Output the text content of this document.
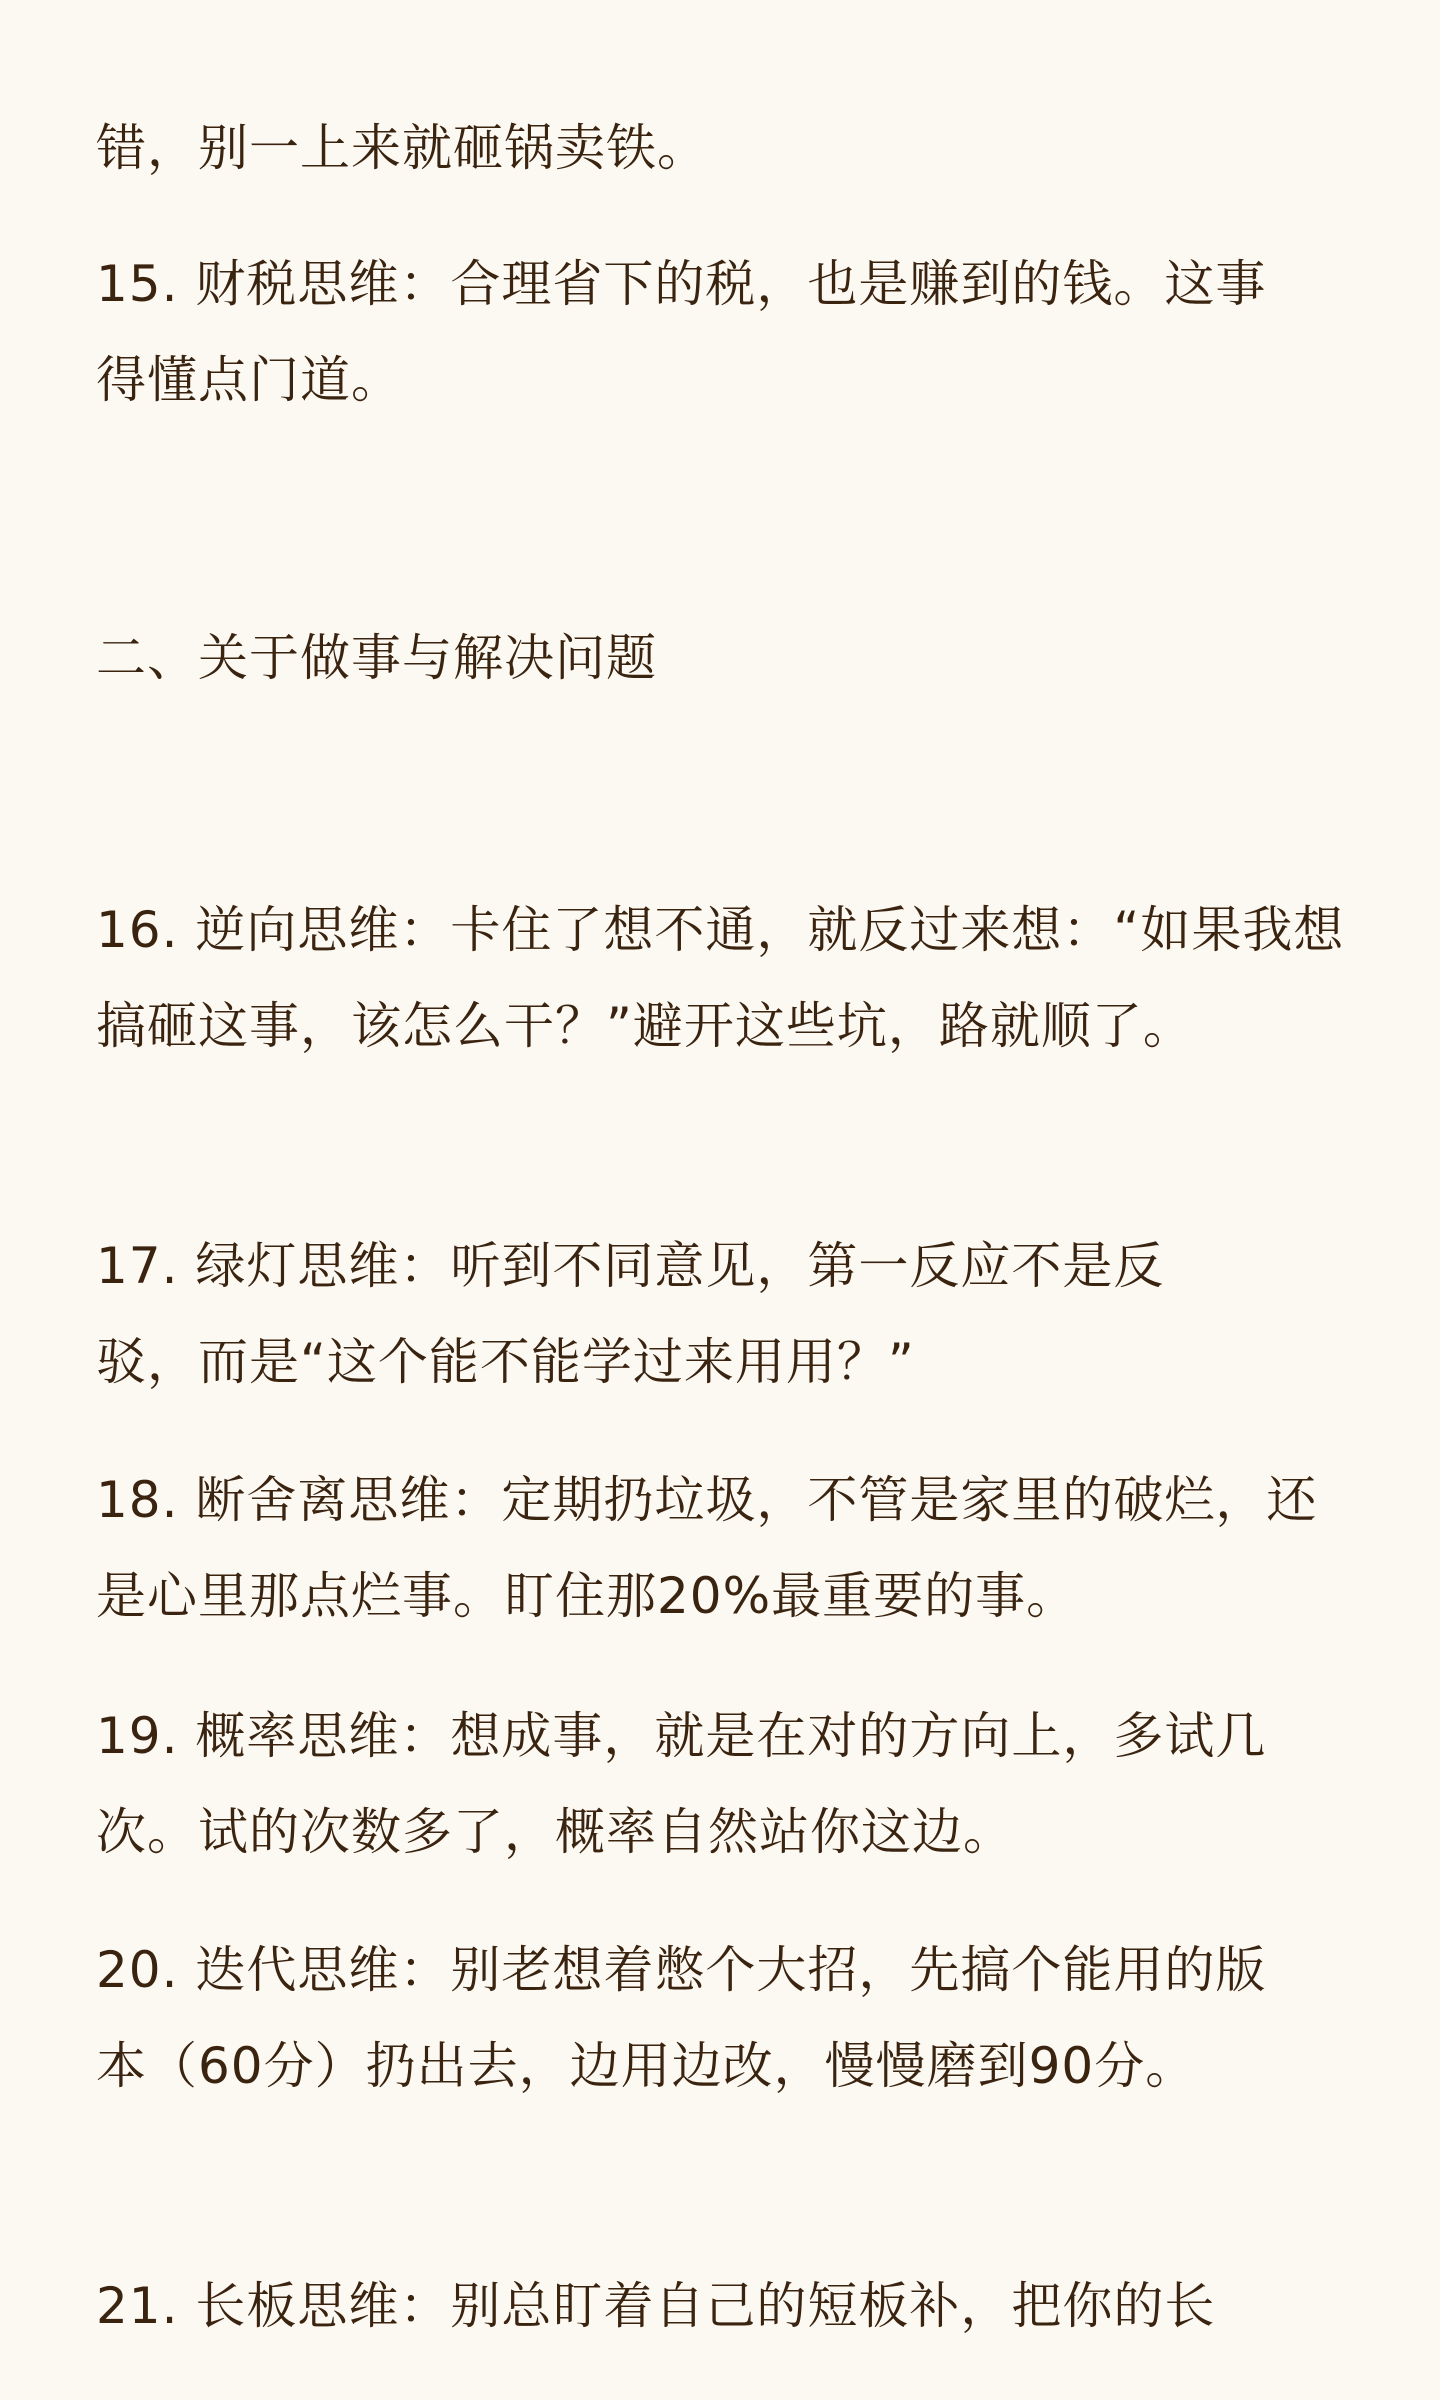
错，别一上来就砸锅卖铁。

15. 财税思维：合理省下的税，也是赚到的钱。这事得懂点门道。

二、关于做事与解决问题

16. 逆向思维：卡住了想不通，就反过来想：“如果我想搞砸这事，该怎么干？”避开这些坑，路就顺了。

17. 绿灯思维：听到不同意见，第一反应不是反驳，而是“这个能不能学过来用用？”

18. 断舍离思维：定期扔垃圾，不管是家里的破烂，还是心里那点烂事。盯住那20%最重要的事。

19. 概率思维：想成事，就是在对的方向上，多试几次。试的次数多了，概率自然站你这边。

20. 迭代思维：别老想着憋个大招，先搞个能用的版本（60分）扔出去，边用边改，慢慢磨到90分。

21. 长板思维：别总盯着自己的短板补，把你的长
